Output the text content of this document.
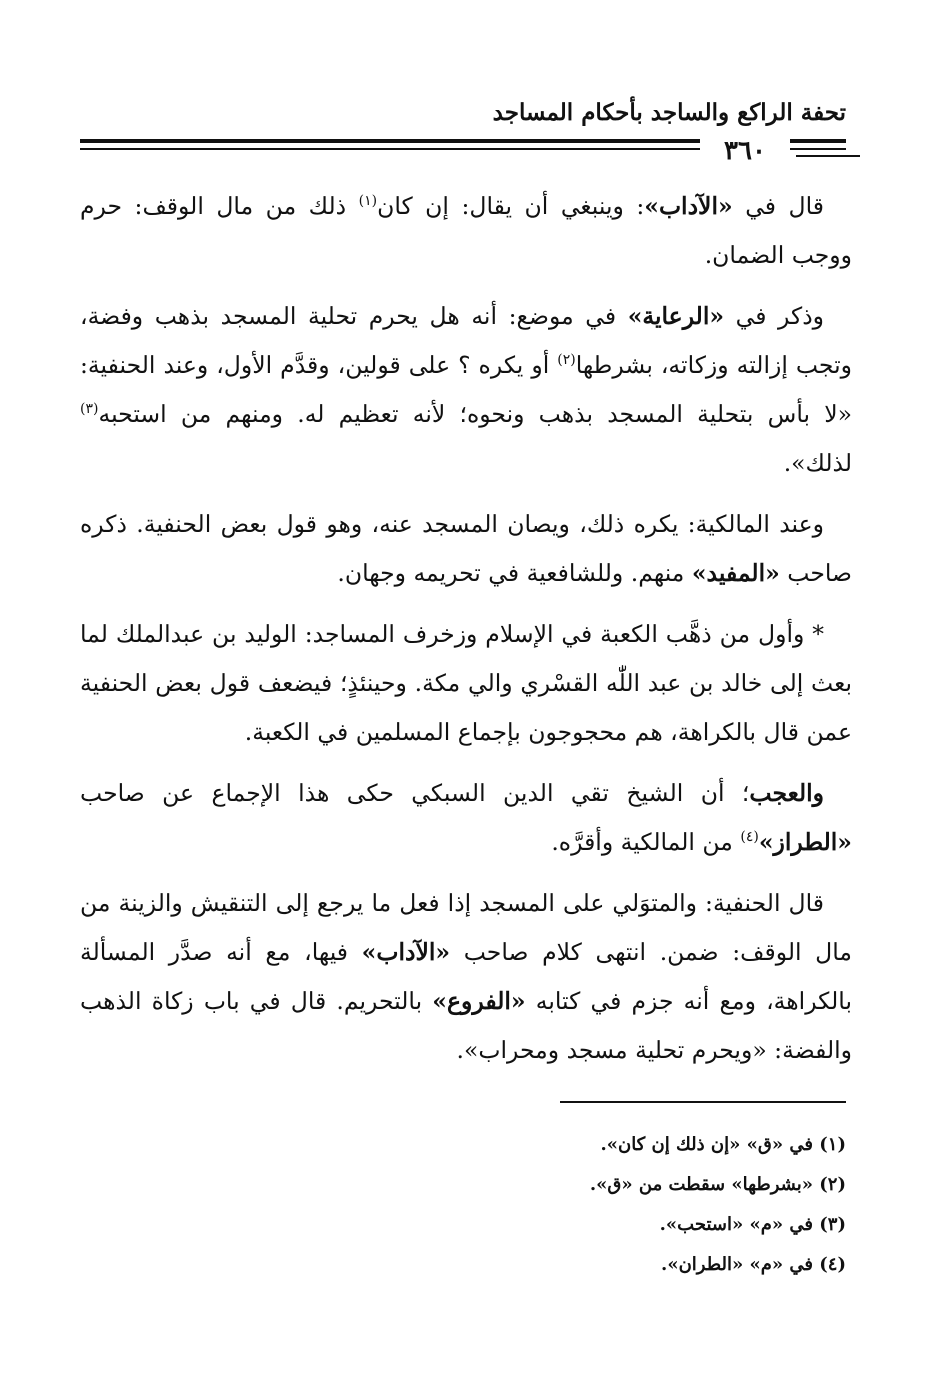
تحفة الراكع والساجد بأحكام المساجد
٣٦٠

قال في «الآداب»: وينبغي أن يقال: إن كان$^{(١)}$ ذلك من مال الوقف: حرم ووجب الضمان.

وذكر في «الرعاية» في موضع: أنه هل يحرم تحلية المسجد بذهب وفضة، وتجب إزالته وزكاته، بشرطها$^{(٢)}$ أو يكره ؟ على قولين، وقدَّم الأول، وعند الحنفية: «لا بأس بتحلية المسجد بذهب ونحوه؛ لأنه تعظيم له. ومنهم من استحبه$^{(٣)}$ لذلك».

وعند المالكية: يكره ذلك، ويصان المسجد عنه، وهو قول بعض الحنفية. ذكره صاحب «المفيد» منهم. وللشافعية في تحريمه وجهان.

* وأول من ذهَّب الكعبة في الإسلام وزخرف المساجد: الوليد بن عبدالملك لما بعث إلى خالد بن عبد اللّٰه القسْري والي مكة. وحينئذٍ؛ فيضعف قول بعض الحنفية عمن قال بالكراهة، هم محجوجون بإجماع المسلمين في الكعبة.

والعجب؛ أن الشيخ تقي الدين السبكي حكى هذا الإجماع عن صاحب «الطراز»$^{(٤)}$ من المالكية وأقرَّه.

قال الحنفية: والمتوَلي على المسجد إذا فعل ما يرجع إلى التنقيش والزينة من مال الوقف: ضمن. انتهى كلام صاحب «الآداب» فيها، مع أنه صدَّر المسألة بالكراهة، ومع أنه جزم في كتابه «الفروع» بالتحريم. قال في باب زكاة الذهب والفضة: «ويحرم تحلية مسجد ومحراب».

(١) في «ق» «إن ذلك إن كان».
(٢) «بشرطها» سقطت من «ق».
(٣) في «م» «استحب».
(٤) في «م» «الطران».
